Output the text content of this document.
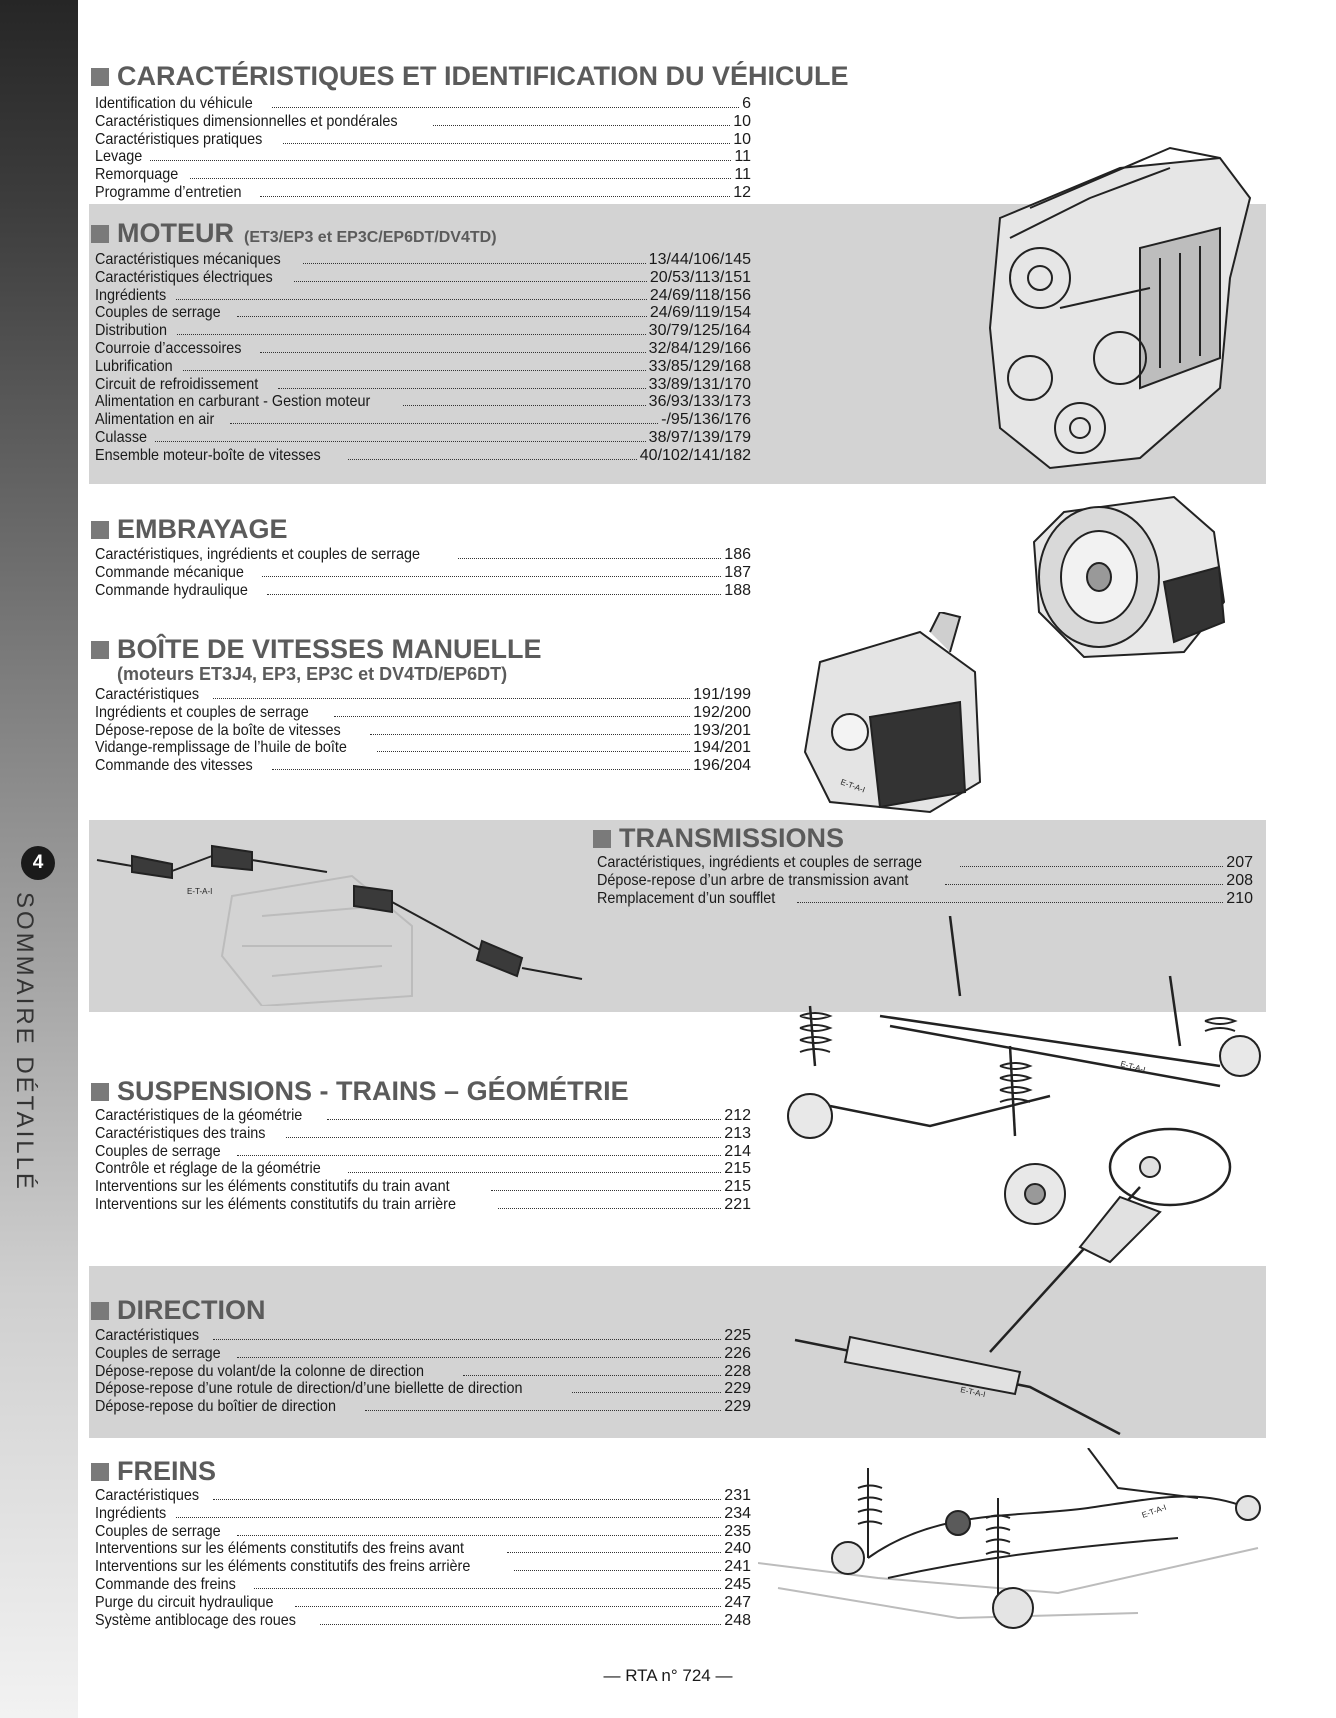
4
SOMMAIRE DÉTAILLÉ
CARACTÉRISTIQUES ET IDENTIFICATION DU VÉHICULE
Identification du véhicule	6
Caractéristiques dimensionnelles et pondérales	10
Caractéristiques pratiques	10
Levage	11
Remorquage	11
Programme d’entretien	12
MOTEUR (ET3/EP3 et EP3C/EP6DT/DV4TD)
Caractéristiques mécaniques	13/44/106/145
Caractéristiques électriques	20/53/113/151
Ingrédients	24/69/118/156
Couples de serrage	24/69/119/154
Distribution	30/79/125/164
Courroie d’accessoires	32/84/129/166
Lubrification	33/85/129/168
Circuit de refroidissement	33/89/131/170
Alimentation en carburant - Gestion moteur	36/93/133/173
Alimentation en air	-/95/136/176
Culasse	38/97/139/179
Ensemble moteur-boîte de vitesses	40/102/141/182
EMBRAYAGE
Caractéristiques, ingrédients et couples de serrage	186
Commande mécanique	187
Commande hydraulique	188
BOÎTE DE VITESSES MANUELLE
(moteurs ET3J4, EP3, EP3C et DV4TD/EP6DT)
Caractéristiques	191/199
Ingrédients et couples de serrage	192/200
Dépose-repose de la boîte de vitesses	193/201
Vidange-remplissage de l’huile de boîte	194/201
Commande des vitesses	196/204
TRANSMISSIONS
Caractéristiques, ingrédients et couples de serrage	207
Dépose-repose d’un arbre de transmission avant	208
Remplacement d’un soufflet	210
SUSPENSIONS - TRAINS – GÉOMÉTRIE
Caractéristiques de la géométrie	212
Caractéristiques des trains	213
Couples de serrage	214
Contrôle et réglage de la géométrie	215
Interventions sur les éléments constitutifs du train avant	215
Interventions sur les éléments constitutifs du train arrière	221
DIRECTION
Caractéristiques	225
Couples de serrage	226
Dépose-repose du volant/de la colonne de direction	228
Dépose-repose d’une rotule de direction/d’une biellette de direction	229
Dépose-repose du boîtier de direction	229
FREINS
Caractéristiques	231
Ingrédients	234
Couples de serrage	235
Interventions sur les éléments constitutifs des freins avant	240
Interventions sur les éléments constitutifs des freins arrière	241
Commande des freins	245
Purge du circuit hydraulique	247
Système antiblocage des roues	248
E-T-A-I
E-T-A-I
E-T-A-I
E-T-A-I
E-T-A-I
— RTA n° 724 —
